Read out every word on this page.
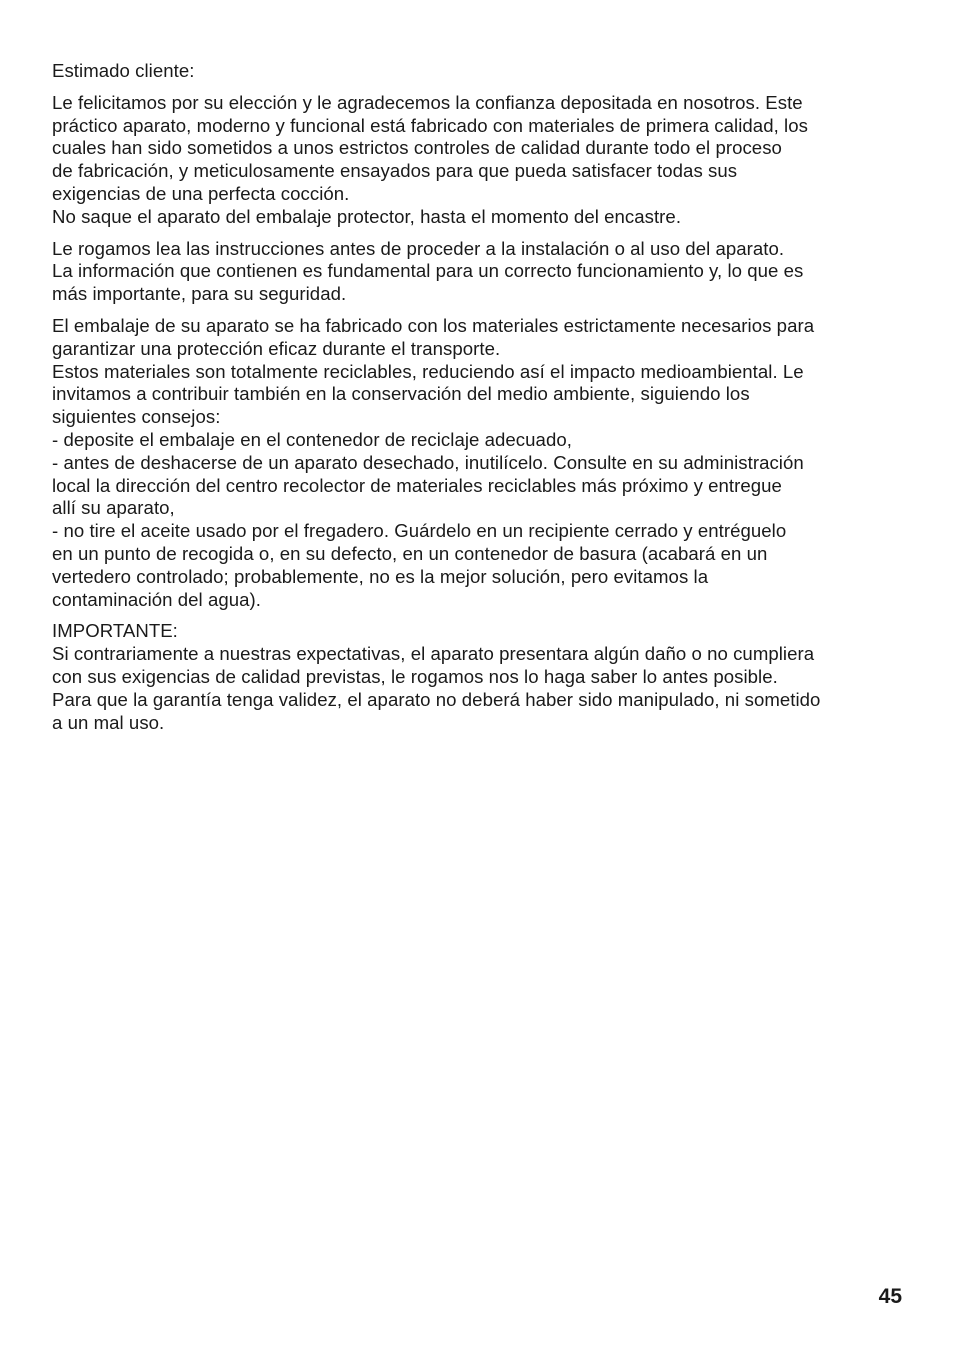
Estimado cliente:

Le felicitamos por su elección y le agradecemos la confianza depositada en nosotros. Este
práctico aparato, moderno y funcional está fabricado con materiales de primera calidad, los
cuales han sido sometidos a unos estrictos controles de calidad durante todo el proceso
de fabricación, y meticulosamente ensayados para que pueda satisfacer todas sus
exigencias de una perfecta cocción.
No saque el aparato del embalaje protector, hasta el momento del encastre.

Le rogamos lea las instrucciones antes de proceder a la instalación o al uso del aparato.
La información que contienen es fundamental para un correcto funcionamiento y, lo que es
más importante, para su seguridad.

El embalaje de su aparato se ha fabricado con los materiales estrictamente necesarios para
garantizar una protección eficaz durante el transporte.
Estos materiales son totalmente reciclables, reduciendo así el impacto medioambiental. Le
invitamos a contribuir también en la conservación del medio ambiente, siguiendo los
siguientes consejos:
- deposite el embalaje en el contenedor de reciclaje adecuado,
- antes de deshacerse de un aparato desechado, inutilícelo. Consulte en su administración
local la dirección del centro recolector de materiales reciclables más próximo y entregue
allí su aparato,
- no tire el aceite usado por el fregadero. Guárdelo en un recipiente cerrado y entréguelo
en un punto de recogida o, en su defecto, en un contenedor de basura (acabará en un
vertedero controlado; probablemente, no es la mejor solución, pero evitamos la
contaminación del agua).

IMPORTANTE:
Si contrariamente a nuestras expectativas, el aparato presentara algún daño o no cumpliera
con sus exigencias de calidad previstas, le rogamos nos lo haga saber lo antes posible.
Para que la garantía tenga validez, el aparato no deberá haber sido manipulado, ni sometido
a un mal uso.

45
